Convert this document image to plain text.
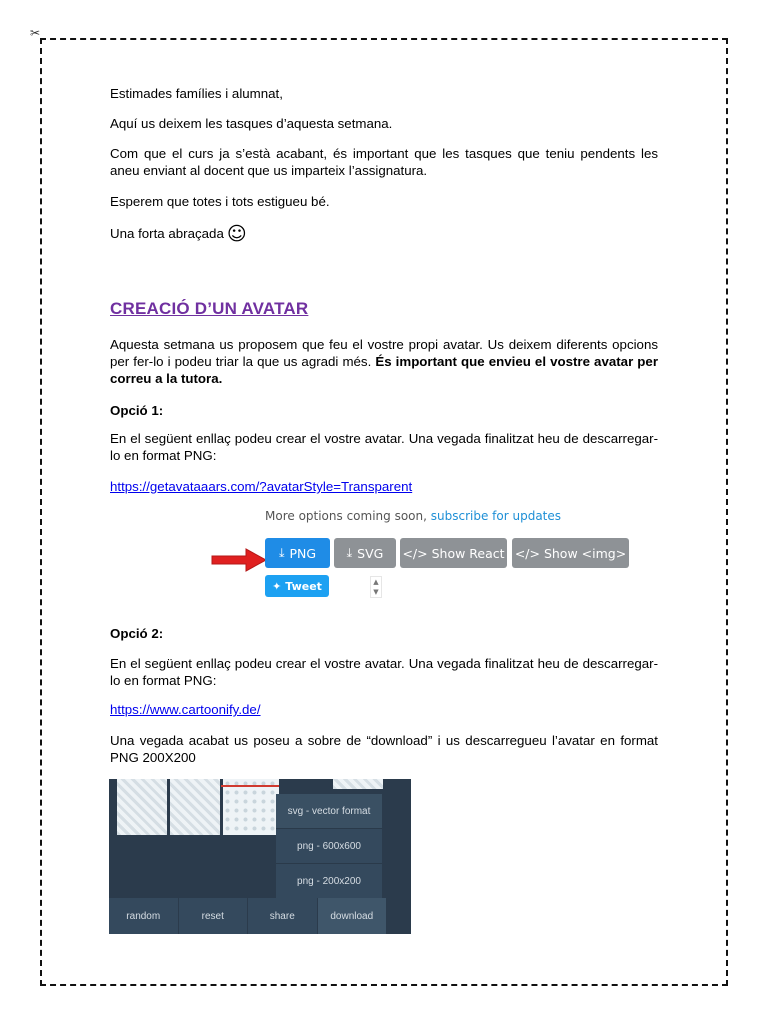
✂

Estimades famílies i alumnat,

Aquí us deixem les tasques d’aquesta setmana.

Com que el curs ja s’està acabant, és important que les tasques que teniu pendents les aneu enviant al docent que us imparteix l’assignatura.

Esperem que totes i tots estigueu bé.

Una forta abraçada ☺

CREACIÓ D’UN AVATAR

Aquesta setmana us proposem que feu el vostre propi avatar. Us deixem diferents opcions per fer-lo i podeu triar la que us agradi més. És important que envieu el vostre avatar per correu a la tutora.

Opció 1:

En el següent enllaç podeu crear el vostre avatar. Una vegada finalitzat heu de descarregar-lo en format PNG:

https://getavataaars.com/?avatarStyle=Transparent

Opció 2:

En el següent enllaç podeu crear el vostre avatar. Una vegada finalitzat heu de descarregar-lo en format PNG:

https://www.cartoonify.de/

Una vegada acabat us poseu a sobre de “download” i us descarregueu l’avatar en format PNG 200X200

More options coming soon, subscribe for updates
⤓ PNG ⤓ SVG </> Show React </> Show <img>
✦ Tweet	▲
▼
svg - vector format
png - 600x600
png - 200x200
random	reset	share	download
